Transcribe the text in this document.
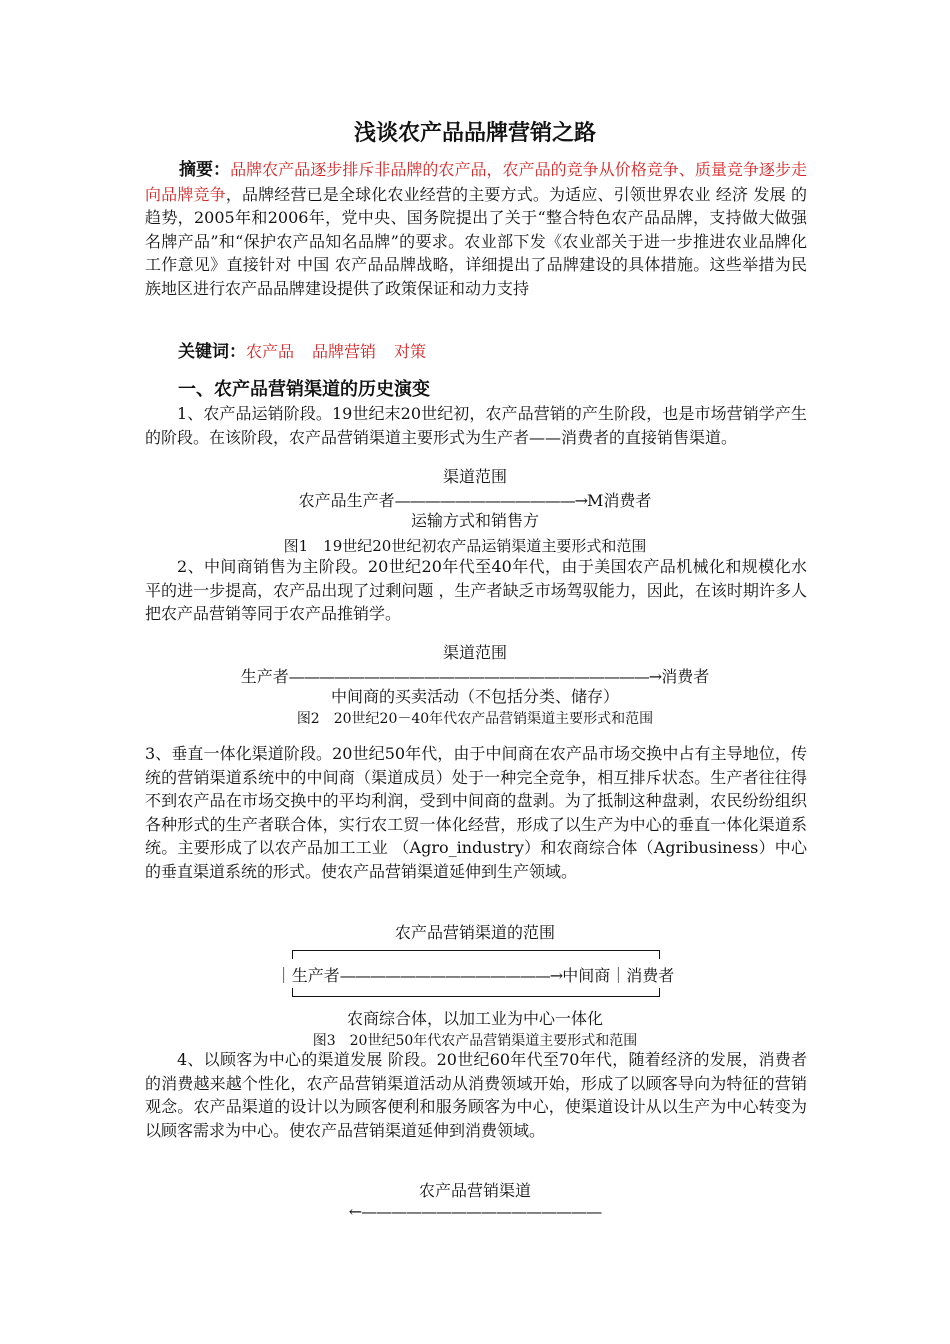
浅谈农产品品牌营销之路

摘要：品牌农产品逐步排斥非品牌的农产品，农产品的竞争从价格竞争、质量竞争逐步走向品牌竞争，品牌经营已是全球化农业经营的主要方式。为适应、引领世界农业 经济 发展 的趋势，2005年和2006年，党中央、国务院提出了关于“整合特色农产品品牌，支持做大做强名牌产品”和“保护农产品知名品牌”的要求。农业部下发《农业部关于进一步推进农业品牌化工作意见》直接针对 中国 农产品品牌战略，详细提出了品牌建设的具体措施。这些举措为民族地区进行农产品品牌建设提供了政策保证和动力支持

关键词：农产品 品牌营销 对策
一、农产品营销渠道的历史演变

1、农产品运销阶段。19世纪末20世纪初，农产品营销的产生阶段，也是市场营销学产生的阶段。在该阶段，农产品营销渠道主要形式为生产者——消费者的直接销售渠道。

渠道范围
农产品生产者————————————→M消费者
运输方式和销售方
图1　19世纪20世纪初农产品运销渠道主要形式和范围

2、中间商销售为主阶段。20世纪20年代至40年代，由于美国农产品机械化和规模化水平的进一步提高，农产品出现了过剩问题 ，生产者缺乏市场驾驭能力，因此，在该时期许多人把农产品营销等同于农产品推销学。

渠道范围
生产者————————————————————————→消费者
中间商的买卖活动（不包括分类、储存）
图2　20世纪20－40年代农产品营销渠道主要形式和范围

3、垂直一体化渠道阶段。20世纪50年代，由于中间商在农产品市场交换中占有主导地位，传统的营销渠道系统中的中间商（渠道成员）处于一种完全竞争，相互排斥状态。生产者往往得不到农产品在市场交换中的平均利润，受到中间商的盘剥。为了抵制这种盘剥，农民纷纷组织各种形式的生产者联合体，实行农工贸一体化经营，形成了以生产为中心的垂直一体化渠道系统。主要形成了以农产品加工工业 （Agro_industry）和农商综合体（Agribusiness）中心的垂直渠道系统的形式。使农产品营销渠道延伸到生产领域。

农产品营销渠道的范围
｜生产者——————————————→中间商｜消费者
农商综合体，以加工业为中心一体化
图3　20世纪50年代农产品营销渠道主要形式和范围

4、以顾客为中心的渠道发展 阶段。20世纪60年代至70年代，随着经济的发展，消费者的消费越来越个性化，农产品营销渠道活动从消费领域开始，形成了以顾客导向为特征的营销观念。农产品渠道的设计以为顾客便利和服务顾客为中心，使渠道设计从以生产为中心转变为以顾客需求为中心。使农产品营销渠道延伸到消费领域。

农产品营销渠道
←————————————————
